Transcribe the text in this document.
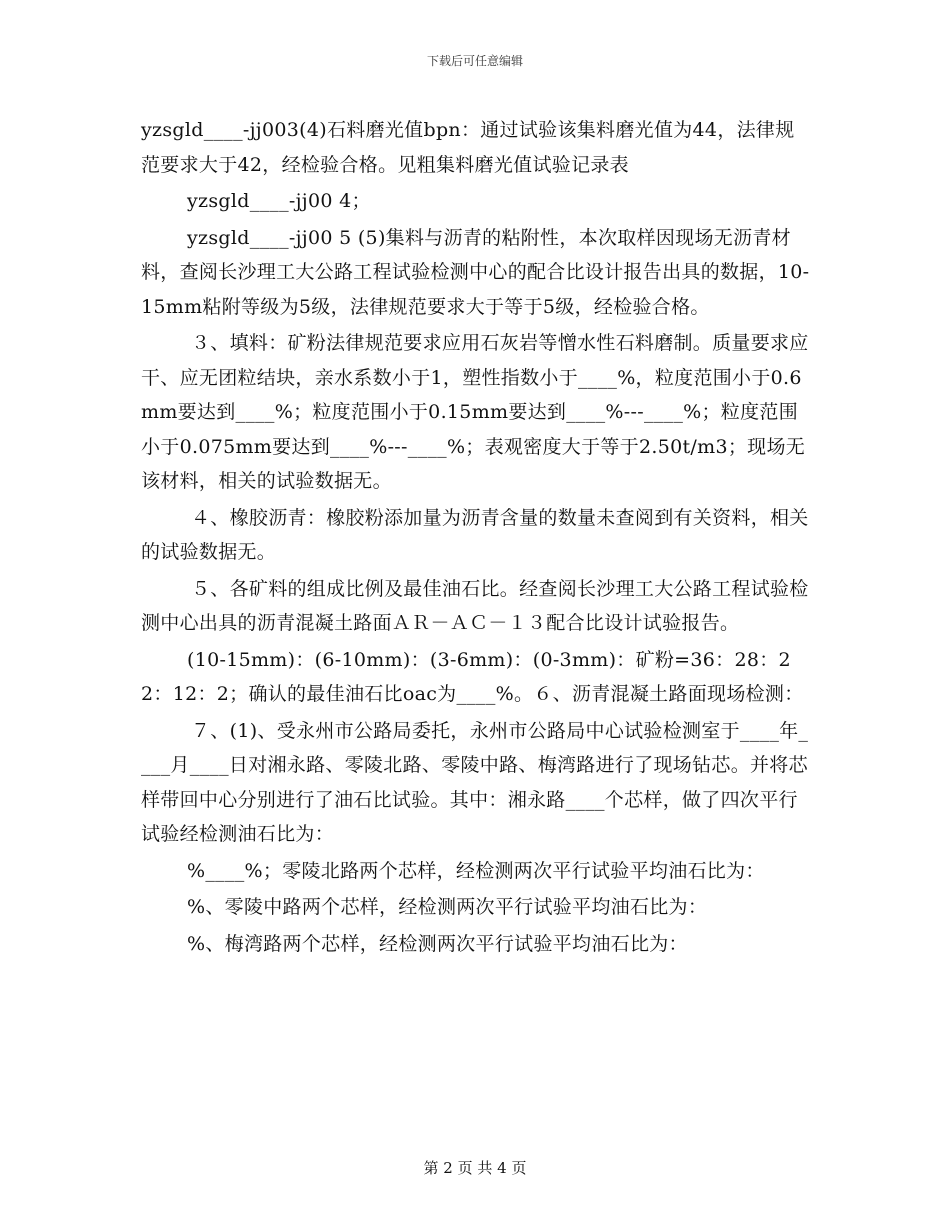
下载后可任意编辑

yzsgld____-jj003(4)石料磨光值bpn：通过试验该集料磨光值为44，法律规范要求大于42，经检验合格。见粗集料磨光值试验记录表

yzsgld____-jj00 4；

yzsgld____-jj00 5 (5)集料与沥青的粘附性，本次取样因现场无沥青材料，查阅长沙理工大公路工程试验检测中心的配合比设计报告出具的数据，10-15mm粘附等级为5级，法律规范要求大于等于5级，经检验合格。

３、填料：矿粉法律规范要求应用石灰岩等憎水性石料磨制。质量要求应干、应无团粒结块，亲水系数小于1，塑性指数小于____%，粒度范围小于0.6mm要达到____%；粒度范围小于0.15mm要达到____%---____%；粒度范围小于0.075mm要达到____%---____%；表观密度大于等于2.50t/m3；现场无该材料，相关的试验数据无。

４、橡胶沥青：橡胶粉添加量为沥青含量的数量未查阅到有关资料，相关的试验数据无。

５、各矿料的组成比例及最佳油石比。经查阅长沙理工大公路工程试验检测中心出具的沥青混凝土路面ＡＲ－ＡＣ－１３配合比设计试验报告。

(10-15mm)：(6-10mm)：(3-6mm)：(0-3mm)：矿粉=36：28：22：12：2；确认的最佳油石比oac为____%。６、沥青混凝土路面现场检测：

７、(1)、受永州市公路局委托，永州市公路局中心试验检测室于____年____月____日对湘永路、零陵北路、零陵中路、梅湾路进行了现场钻芯。并将芯样带回中心分别进行了油石比试验。其中：湘永路____个芯样，做了四次平行试验经检测油石比为：

%____%；零陵北路两个芯样，经检测两次平行试验平均油石比为：

%、零陵中路两个芯样，经检测两次平行试验平均油石比为：

%、梅湾路两个芯样，经检测两次平行试验平均油石比为：

第 2 页 共 4 页
